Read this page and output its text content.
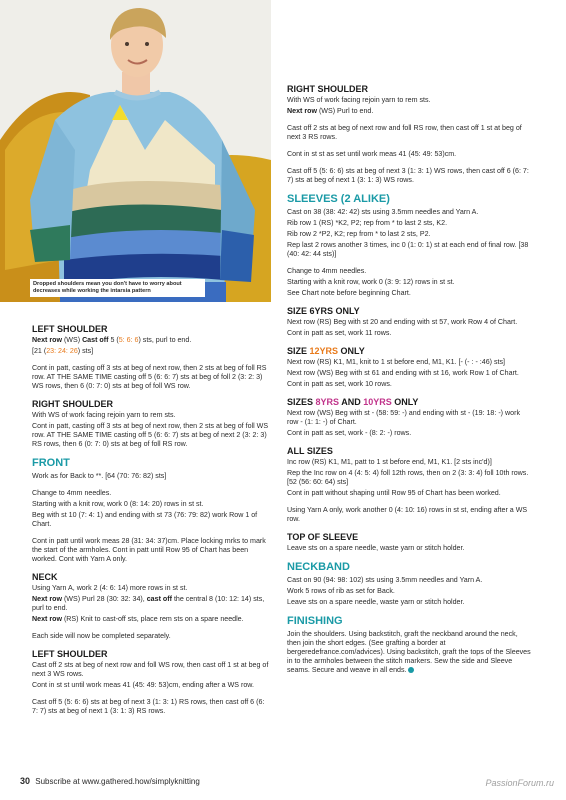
Dropped shoulders mean you don't have to worry about decreases while working the intarsia pattern
LEFT SHOULDER

Next row (WS) Cast off 5 (5: 6: 6) sts, purl to end.

[21 (23: 24: 26) sts]

Cont in patt, casting off 3 sts at beg of next row, then 2 sts at beg of foll RS row. AT THE SAME TIME casting off 5 (6: 6: 7) sts at beg of foll 2 (3: 2: 3) WS rows, then 6 (0: 7: 0) sts at beg of foll WS row.

RIGHT SHOULDER

With WS of work facing rejoin yarn to rem sts.

Cont in patt, casting off 3 sts at beg of next row, then 2 sts at beg of foll WS row. AT THE SAME TIME casting off 5 (6: 6: 7) sts at beg of next 2 (3: 2: 3) RS rows, then 6 (0: 7: 0) sts at beg of foll RS row.

FRONT

Work as for Back to **. [64 (70: 76: 82) sts]

Change to 4mm needles.

Starting with a knit row, work 0 (8: 14: 20) rows in st st.

Beg with st 10 (7: 4: 1) and ending with st 73 (76: 79: 82) work Row 1 of Chart.

Cont in patt until work meas 28 (31: 34: 37)cm. Place locking mrks to mark the start of the armholes. Cont in patt until Row 95 of Chart has been worked. Cont with Yarn A only.

NECK

Using Yarn A, work 2 (4: 6: 14) more rows in st st.

Next row (WS) Purl 28 (30: 32: 34), cast off the central 8 (10: 12: 14) sts, purl to end.

Next row (RS) Knit to cast-off sts, place rem sts on a spare needle.

Each side will now be completed separately.

LEFT SHOULDER

Cast off 2 sts at beg of next row and foll WS row, then cast off 1 st at beg of next 3 WS rows.

Cont in st st until work meas 41 (45: 49: 53)cm, ending after a WS row.

Cast off 5 (5: 6: 6) sts at beg of next 3 (1: 3: 1) RS rows, then cast off 6 (6: 7: 7) sts at beg of next 1 (3: 1: 3) RS rows.

RIGHT SHOULDER

With WS of work facing rejoin yarn to rem sts.

Next row (WS) Purl to end.

Cast off 2 sts at beg of next row and foll RS row, then cast off 1 st at beg of next 3 RS rows.

Cont in st st as set until work meas 41 (45: 49: 53)cm.

Cast off 5 (5: 6: 6) sts at beg of next 3 (1: 3: 1) WS rows, then cast off 6 (6: 7: 7) sts at beg of next 1 (3: 1: 3) WS rows.

SLEEVES (2 ALIKE)

Cast on 38 (38: 42: 42) sts using 3.5mm needles and Yarn A.

Rib row 1 (RS) *K2, P2; rep from * to last 2 sts, K2.

Rib row 2 *P2, K2; rep from * to last 2 sts, P2.

Rep last 2 rows another 3 times, inc 0 (1: 0: 1) st at each end of final row. [38 (40: 42: 44 sts)]

Change to 4mm needles.

Starting with a knit row, work 0 (3: 9: 12) rows in st st.

See Chart note before beginning Chart.

SIZE 6YRS ONLY

Next row (RS) Beg with st 20 and ending with st 57, work Row 4 of Chart.

Cont in patt as set, work 11 rows.

SIZE 12YRS ONLY

Next row (RS) K1, M1, knit to 1 st before end, M1, K1. [- (- : - :46) sts]

Next row (WS) Beg with st 61 and ending with st 16, work Row 1 of Chart.

Cont in patt as set, work 10 rows.

SIZES 8YRS AND 10YRS ONLY

Next row (WS) Beg with st - (58: 59: -) and ending with st - (19: 18: -) work row - (1: 1: -) of Chart.

Cont in patt as set, work - (8: 2: -) rows.

ALL SIZES

Inc row (RS) K1, M1, patt to 1 st before end, M1, K1. [2 sts inc'd)]

Rep the Inc row on 4 (4: 5: 4) foll 12th rows, then on 2 (3: 3: 4) foll 10th rows. [52 (56: 60: 64) sts]

Cont in patt without shaping until Row 95 of Chart has been worked.

Using Yarn A only, work another 0 (4: 10: 16) rows in st st, ending after a WS row.

TOP OF SLEEVE

Leave sts on a spare needle, waste yarn or stitch holder.

NECKBAND

Cast on 90 (94: 98: 102) sts using 3.5mm needles and Yarn A.

Work 5 rows of rib as set for Back.

Leave sts on a spare needle, waste yarn or stitch holder.

FINISHING

Join the shoulders. Using backstitch, graft the neckband around the neck, then join the short edges. (See grafting a border at bergeredefrance.com/advices). Using backstitch, graft the tops of the Sleeves in to the armholes between the stitch markers. Sew the side and Sleeve seams. Secure and weave in all ends.

30 Subscribe at www.gathered.how/simplyknitting	PassionForum.ru
